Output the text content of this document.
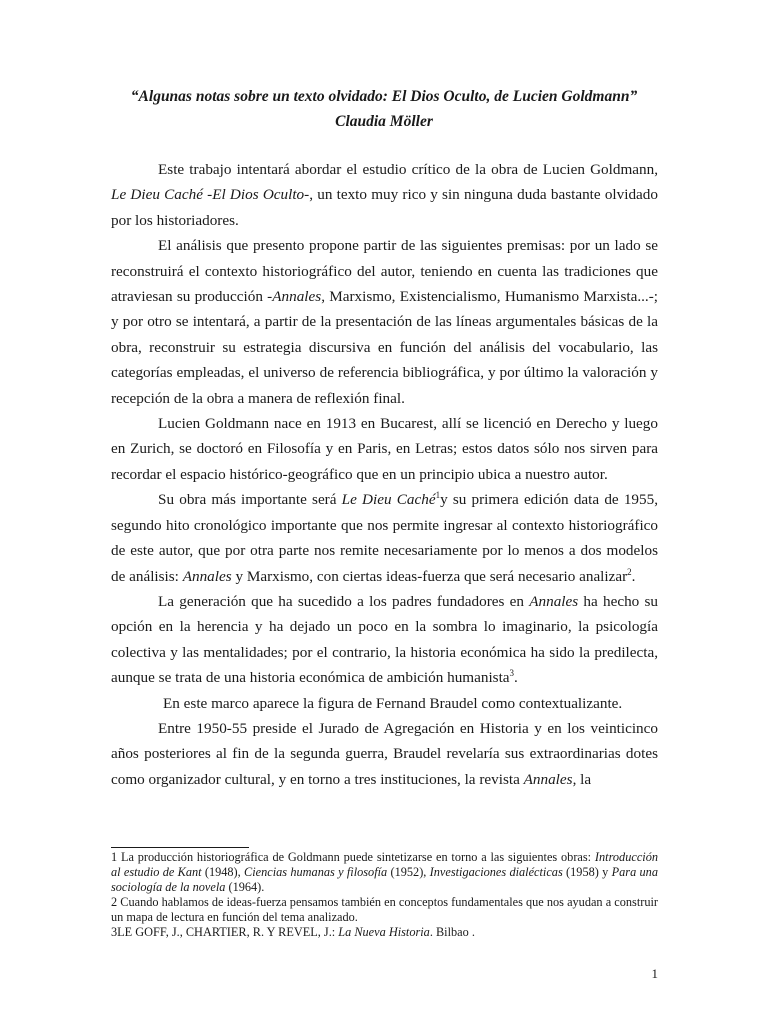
“Algunas notas sobre un texto olvidado: El Dios Oculto, de Lucien Goldmann”
Claudia Möller

Este trabajo intentará abordar el estudio crítico de la obra de Lucien Goldmann, Le Dieu Caché -El Dios Oculto-, un texto muy rico y sin ninguna duda bastante olvidado por los historiadores.

El análisis que presento propone partir de las siguientes premisas: por un lado se reconstruirá el contexto historiográfico del autor, teniendo en cuenta las tradiciones que atraviesan su producción -Annales, Marxismo, Existencialismo, Humanismo Marxista...-; y por otro se intentará, a partir de la presentación de las líneas argumentales básicas de la obra, reconstruir su estrategia discursiva en función del análisis del vocabulario, las categorías empleadas, el universo de referencia bibliográfica, y por último la valoración y recepción de la obra a manera de reflexión final.

Lucien Goldmann nace en 1913 en Bucarest, allí se licenció en Derecho y luego en Zurich, se doctoró en Filosofía y en Paris, en Letras; estos datos sólo nos sirven para recordar el espacio histórico-geográfico que en un principio ubica a nuestro autor.

Su obra más importante será Le Dieu Caché$^1$y su primera edición data de 1955, segundo hito cronológico importante que nos permite ingresar al contexto historiográfico de este autor, que por otra parte nos remite necesariamente por lo menos a dos modelos de análisis: Annales y Marxismo, con ciertas ideas-fuerza que será necesario analizar$^2$.

La generación que ha sucedido a los padres fundadores en Annales ha hecho su opción en la herencia y ha dejado un poco en la sombra lo imaginario, la psicología colectiva y las mentalidades; por el contrario, la historia económica ha sido la predilecta, aunque se trata de una historia económica de ambición humanista$^3$.

En este marco aparece la figura de Fernand Braudel como contextualizante.

Entre 1950-55 preside el Jurado de Agregación en Historia y en los veinticinco años posteriores al fin de la segunda guerra, Braudel revelaría sus extraordinarias dotes como organizador cultural, y en torno a tres instituciones, la revista Annales, la

1 La producción historiográfica de Goldmann puede sintetizarse en torno a las siguientes obras: Introducción al estudio de Kant (1948), Ciencias humanas y filosofía (1952), Investigaciones dialécticas (1958) y Para una sociología de la novela (1964).
2 Cuando hablamos de ideas-fuerza pensamos también en conceptos fundamentales que nos ayudan a construir un mapa de lectura en función del tema analizado.
3LE GOFF, J., CHARTIER, R. Y REVEL, J.: La Nueva Historia. Bilbao .
1
